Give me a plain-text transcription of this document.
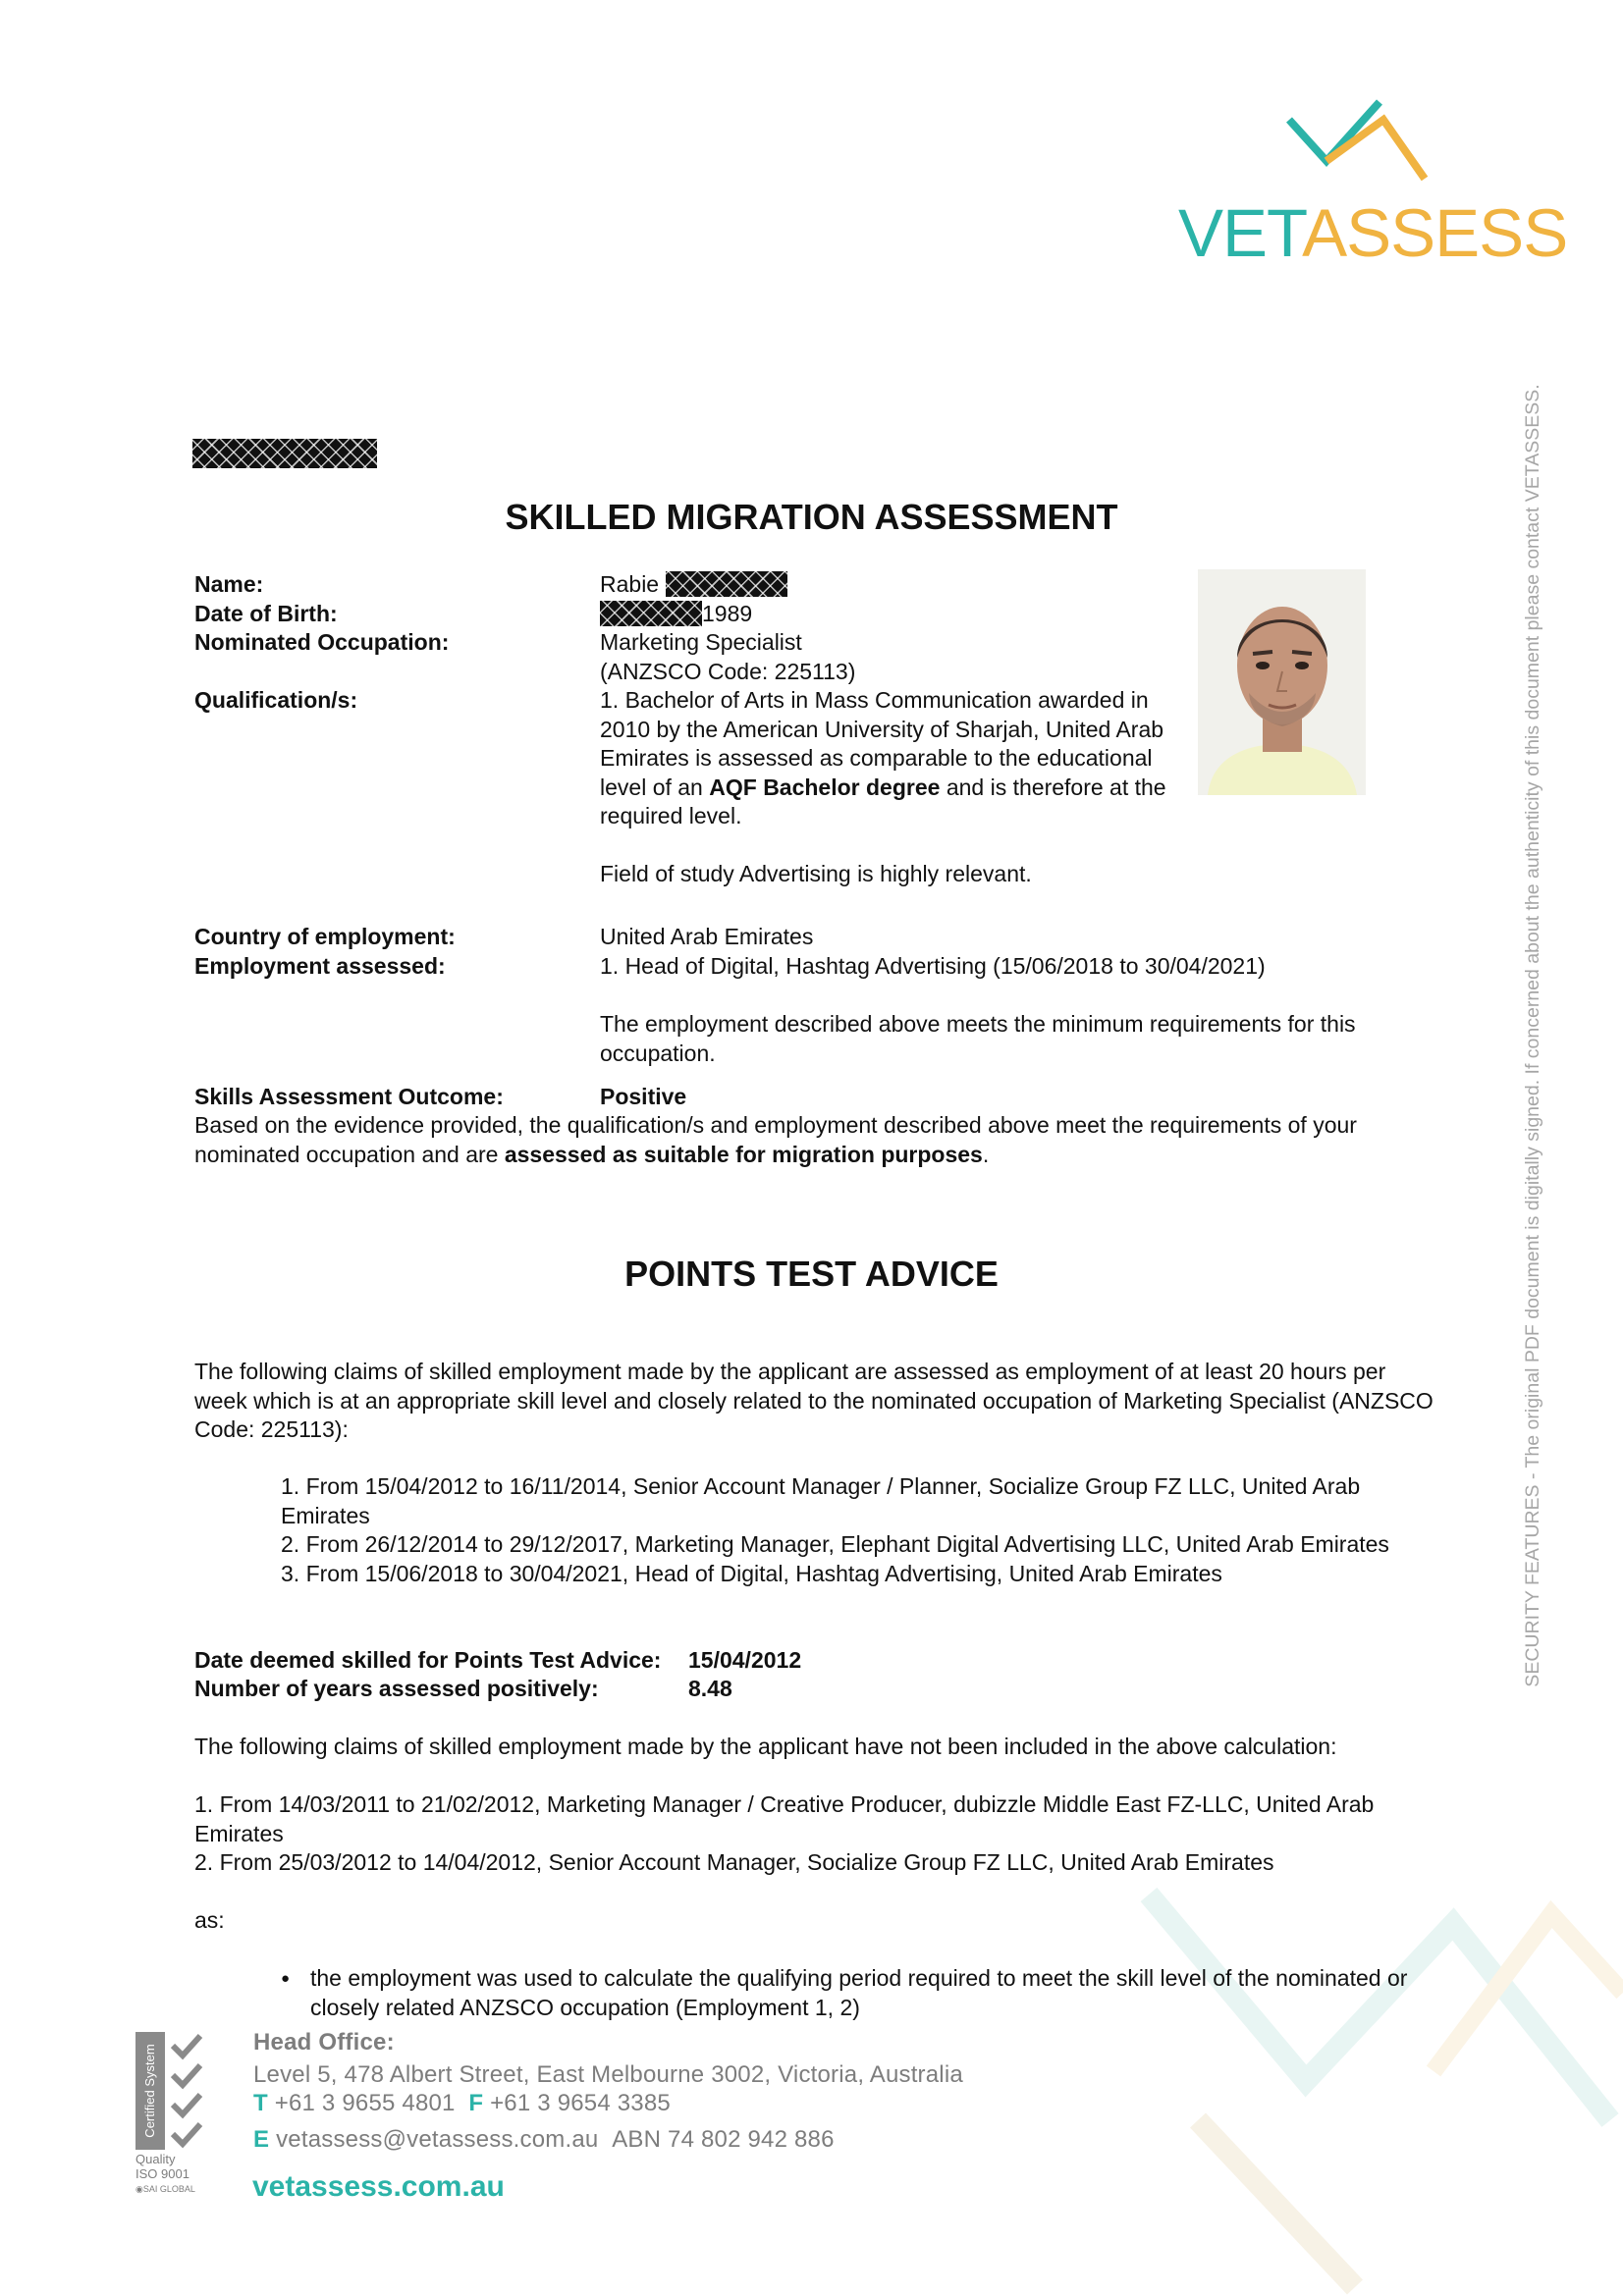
VETASSESS
SECURITY FEATURES - The original PDF document is digitally signed. If concerned about the authenticity of this document please contact VETASSESS.
SKILLED MIGRATION ASSESSMENT
Name:	Rabie
Date of Birth:	1989
Nominated Occupation:	Marketing Specialist
(ANZSCO Code: 225113)
Qualification/s:	1. Bachelor of Arts in Mass Communication awarded in 2010 by the American University of Sharjah, United Arab Emirates is assessed as comparable to the educational level of an AQF Bachelor degree and is therefore at the required level.
Field of study Advertising is highly relevant.
Country of employment:	United Arab Emirates
Employment assessed:	1. Head of Digital, Hashtag Advertising (15/06/2018 to 30/04/2021)
The employment described above meets the minimum requirements for this occupation.
Skills Assessment Outcome:	Positive
Based on the evidence provided, the qualification/s and employment described above meet the requirements of your nominated occupation and are assessed as suitable for migration purposes.
POINTS TEST ADVICE
The following claims of skilled employment made by the applicant are assessed as employment of at least 20 hours per week which is at an appropriate skill level and closely related to the nominated occupation of Marketing Specialist (ANZSCO Code: 225113):
1. From 15/04/2012 to 16/11/2014, Senior Account Manager / Planner, Socialize Group FZ LLC, United Arab Emirates
2. From 26/12/2014 to 29/12/2017, Marketing Manager, Elephant Digital Advertising LLC, United Arab Emirates
3. From 15/06/2018 to 30/04/2021, Head of Digital, Hashtag Advertising, United Arab Emirates
Date deemed skilled for Points Test Advice: 15/04/2012
Number of years assessed positively:	8.48
The following claims of skilled employment made by the applicant have not been included in the above calculation:
1. From 14/03/2011 to 21/02/2012, Marketing Manager / Creative Producer, dubizzle Middle East FZ-LLC, United Arab Emirates
2. From 25/03/2012 to 14/04/2012, Senior Account Manager, Socialize Group FZ LLC, United Arab Emirates
as:
● the employment was used to calculate the qualifying period required to meet the skill level of the nominated or closely related ANZSCO occupation (Employment 1, 2)
Certified System
Quality
ISO 9001
◉SAI GLOBAL
Head Office:
Level 5, 478 Albert Street, East Melbourne 3002, Victoria, Australia
T +61 3 9655 4801 F +61 3 9654 3385
E vetassess@vetassess.com.au ABN 74 802 942 886
vetassess.com.au
